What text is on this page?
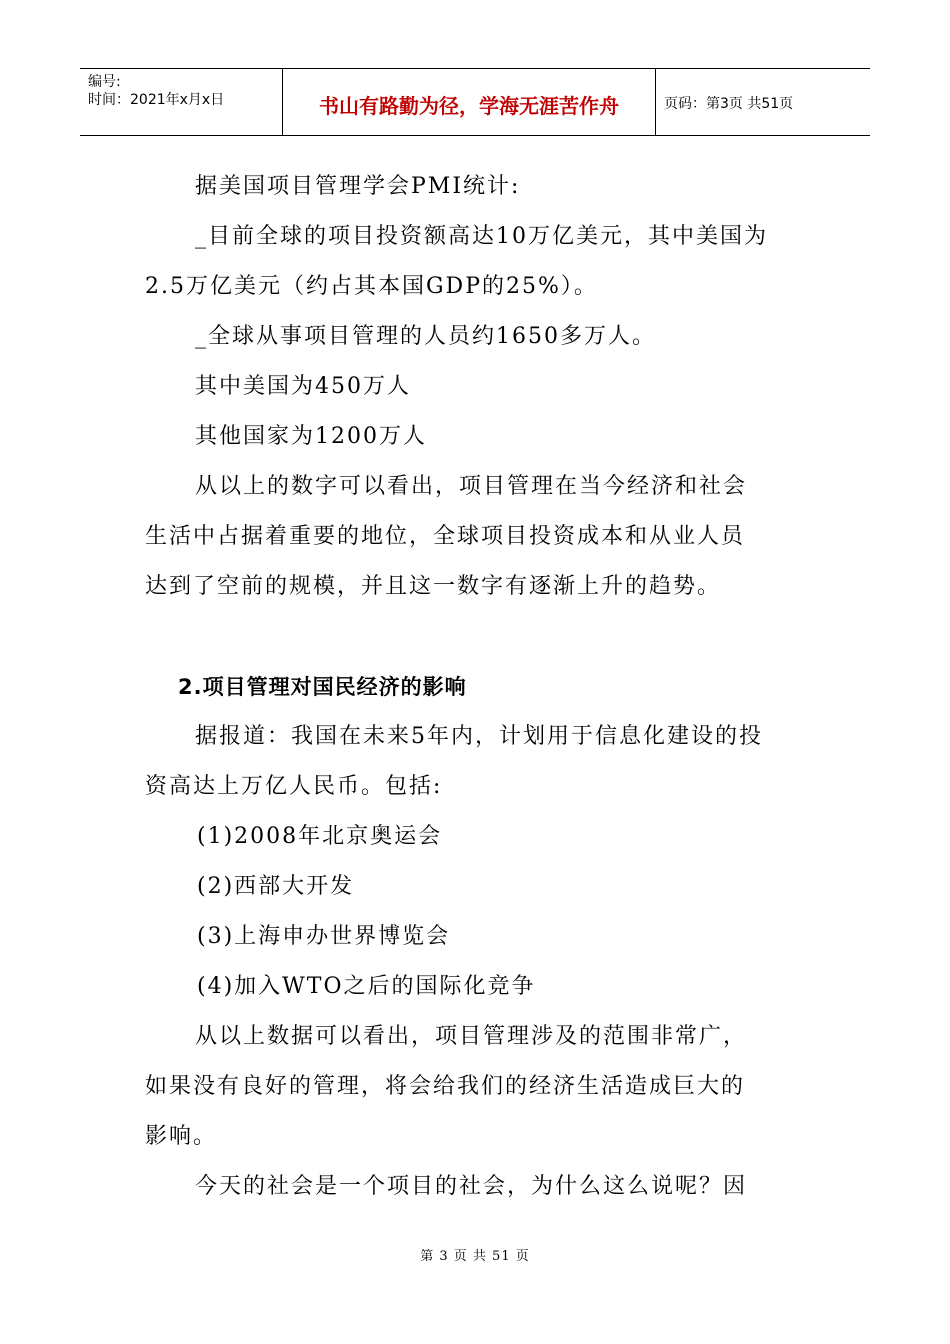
编号:
时间：2021年x月x日	书山有路勤为径，学海无涯苦作舟	页码：第3页 共51页
据美国项目管理学会PMI统计:
_目前全球的项目投资额高达10万亿美元，其中美国为
2.5万亿美元（约占其本国GDP的25%）。
_全球从事项目管理的人员约1650多万人。
其中美国为450万人
其他国家为1200万人
从以上的数字可以看出，项目管理在当今经济和社会
生活中占据着重要的地位，全球项目投资成本和从业人员
达到了空前的规模，并且这一数字有逐渐上升的趋势。
2.项目管理对国民经济的影响
据报道：我国在未来5年内，计划用于信息化建设的投
资高达上万亿人民币。包括:
(1)2008年北京奥运会
(2)西部大开发
(3)上海申办世界博览会
(4)加入WTO之后的国际化竞争
从以上数据可以看出，项目管理涉及的范围非常广，
如果没有良好的管理，将会给我们的经济生活造成巨大的
影响。
今天的社会是一个项目的社会，为什么这么说呢？因
第 3 页 共 51 页
